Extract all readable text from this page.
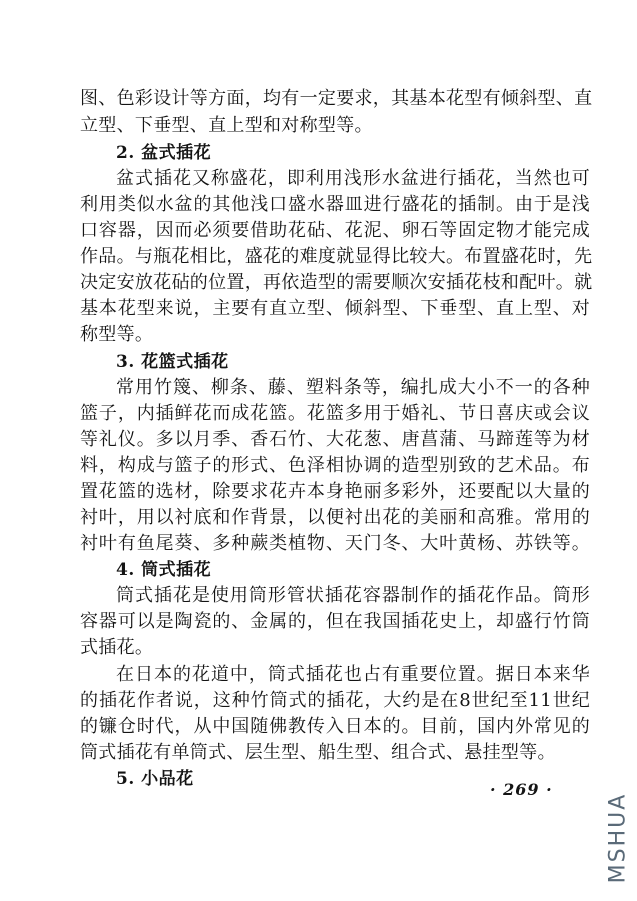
图、色彩设计等方面，均有一定要求，其基本花型有倾斜型、直
立型、下垂型、直上型和对称型等。
2. 盆式插花
盆式插花又称盛花，即利用浅形水盆进行插花，当然也可
利用类似水盆的其他浅口盛水器皿进行盛花的插制。由于是浅
口容器，因而必须要借助花砧、花泥、卵石等固定物才能完成
作品。与瓶花相比，盛花的难度就显得比较大。布置盛花时，先
决定安放花砧的位置，再依造型的需要顺次安插花枝和配叶。就
基本花型来说，主要有直立型、倾斜型、下垂型、直上型、对
称型等。
3. 花篮式插花
常用竹篾、柳条、藤、塑料条等，编扎成大小不一的各种
篮子，内插鲜花而成花篮。花篮多用于婚礼、节日喜庆或会议
等礼仪。多以月季、香石竹、大花葱、唐菖蒲、马蹄莲等为材
料，构成与篮子的形式、色泽相协调的造型别致的艺术品。布
置花篮的选材，除要求花卉本身艳丽多彩外，还要配以大量的
衬叶，用以衬底和作背景，以便衬出花的美丽和高雅。常用的
衬叶有鱼尾葵、多种蕨类植物、天门冬、大叶黄杨、苏铁等。
4. 筒式插花
筒式插花是使用筒形管状插花容器制作的插花作品。筒形
容器可以是陶瓷的、金属的，但在我国插花史上，却盛行竹筒
式插花。
在日本的花道中，筒式插花也占有重要位置。据日本来华
的插花作者说，这种竹筒式的插花，大约是在8世纪至11世纪
的镰仓时代，从中国随佛教传入日本的。目前，国内外常见的
筒式插花有单筒式、层生型、船生型、组合式、悬挂型等。
5. 小品花
· 269 ·
MSHUA
